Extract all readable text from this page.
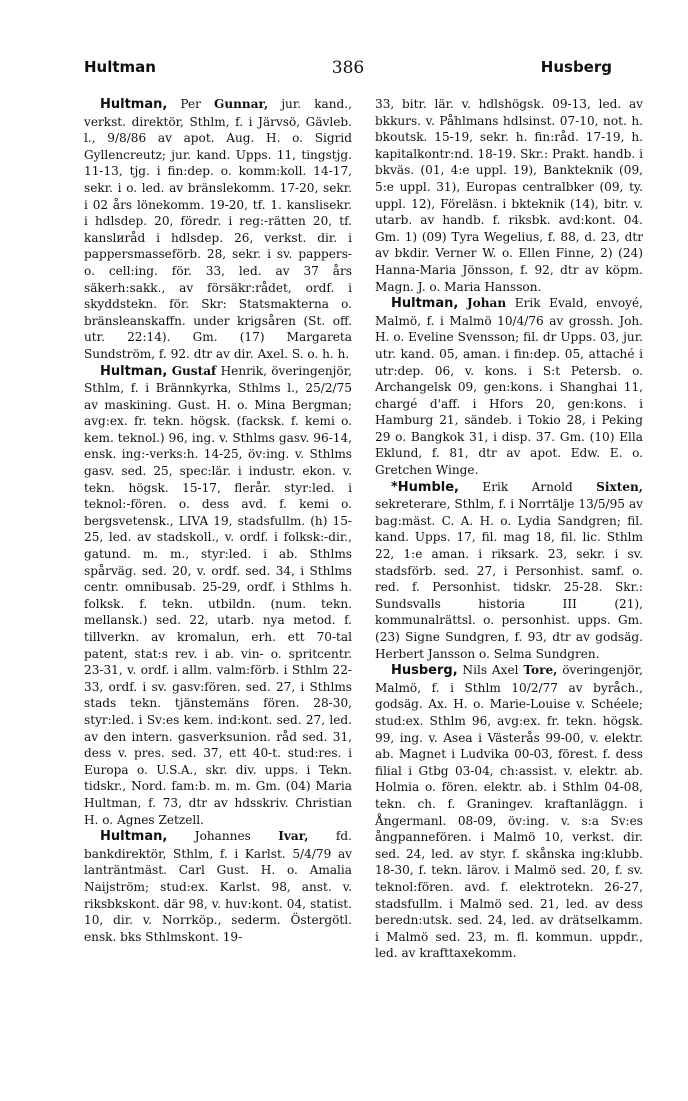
Hultman	386	Husberg

Hultman, Per Gunnar, jur. kand., verkst. direktör, Sthlm, f. i Järvsö, Gävleb. l., 9/8/86 av apot. Aug. H. o. Sigrid Gyllencreutz; jur. kand. Upps. 11, tingstjg. 11-13, tjg. i fin:dep. o. komm:koll. 14-17, sekr. i o. led. av bränslekomm. 17-20, sekr. i 02 års lönekomm. 19-20, tf. 1. kanslisekr. i hdlsdep. 20, föredr. i reg:-rätten 20, tf. kanslиråd i hdlsdep. 26, verkst. dir. i pappersmasseförb. 28, sekr. i sv. pappers- o. cell:ing. för. 33, led. av 37 års säkerh:sakk., av försäkr:rådet, ordf. i skyddstekn. för. Skr: Statsmakterna o. bränsleanskaffn. under krigsåren (St. off. utr. 22:14). Gm. (17) Margareta Sundström, f. 92. dtr av dir. Axel. S. o. h. h.

Hultman, Gustaf Henrik, överingenjör, Sthlm, f. i Brännkyrka, Sthlms l., 25/2/75 av maskining. Gust. H. o. Mina Bergman; avg:ex. fr. tekn. högsk. (facksk. f. kemi o. kem. teknol.) 96, ing. v. Sthlms gasv. 96-14, ensk. ing:-verks:h. 14-25, öv:ing. v. Sthlms gasv. sed. 25, spec:lär. i industr. ekon. v. tekn. högsk. 15-17, flerår. styr:led. i teknol:-fören. o. dess avd. f. kemi o. bergsvetensk., LIVA 19, stadsfullm. (h) 15-25, led. av stadskoll., v. ordf. i folksk:-dir., gatund. m. m., styr:led. i ab. Sthlms spårväg. sed. 20, v. ordf. sed. 34, i Sthlms centr. omnibusab. 25-29, ordf. i Sthlms h. folksk. f. tekn. utbildn. (num. tekn. mellansk.) sed. 22, utarb. nya metod. f. tillverkn. av kromalun, erh. ett 70-tal patent, stat:s rev. i ab. vin- o. spritcentr. 23-31, v. ordf. i allm. valm:förb. i Sthlm 22-33, ordf. i sv. gasv:fören. sed. 27, i Sthlms stads tekn. tjänstemäns fören. 28-30, styr:led. i Sv:es kem. ind:kont. sed. 27, led. av den intern. gasverksunion. råd sed. 31, dess v. pres. sed. 37, ett 40-t. stud:res. i Europa o. U.S.A., skr. div. upps. i Tekn. tidskr., Nord. fam:b. m. m. Gm. (04) Maria Hultman, f. 73, dtr av hdsskriv. Christian H. o. Agnes Zetzell.

Hultman, Johannes Ivar, fd. bankdirektör, Sthlm, f. i Karlst. 5/4/79 av lanträntmäst. Carl Gust. H. o. Amalia Naijström; stud:ex. Karlst. 98, anst. v. riksbkskont. där 98, v. huv:kont. 04, statist. 10, dir. v. Norrköp., sederm. Östergötl. ensk. bks Sthlmskont. 19-

33, bitr. lär. v. hdlshögsk. 09-13, led. av bkkurs. v. Påhlmans hdlsinst. 07-10, not. h. bkoutsk. 15-19, sekr. h. fin:råd. 17-19, h. kapitalkontr:nd. 18-19. Skr.: Prakt. handb. i bkväs. (01, 4:e uppl. 19), Bankteknik (09, 5:e uppl. 31), Europas centralbker (09, ty. uppl. 12), Föreläsn. i bkteknik (14), bitr. v. utarb. av handb. f. riksbk. avd:kont. 04. Gm. 1) (09) Tyra Wegelius, f. 88, d. 23, dtr av bkdir. Verner W. o. Ellen Finne, 2) (24) Hanna-Maria Jönsson, f. 92, dtr av köpm. Magn. J. o. Maria Hansson.

Hultman, Johan Erik Evald, envoyé, Malmö, f. i Malmö 10/4/76 av grossh. Joh. H. o. Eveline Svensson; fil. dr Upps. 03, jur. utr. kand. 05, aman. i fin:dep. 05, attaché i utr:dep. 06, v. kons. i S:t Petersb. o. Archangelsk 09, gen:kons. i Shanghai 11, chargé d'aff. i Hfors 20, gen:kons. i Hamburg 21, sändeb. i Tokio 28, i Peking 29 o. Bangkok 31, i disp. 37. Gm. (10) Ella Eklund, f. 81, dtr av apot. Edw. E. o. Gretchen Winge.

*Humble, Erik Arnold Sixten, sekreterare, Sthlm, f. i Norrtälje 13/5/95 av bag:mäst. C. A. H. o. Lydia Sandgren; fil. kand. Upps. 17, fil. mag 18, fil. lic. Sthlm 22, 1:e aman. i riksark. 23, sekr. i sv. stadsförb. sed. 27, i Personhist. samf. o. red. f. Personhist. tidskr. 25-28. Skr.: Sundsvalls historia III (21), kommunalrättsl. o. personhist. upps. Gm. (23) Signe Sundgren, f. 93, dtr av godsäg. Herbert Jansson o. Selma Sundgren.

Husberg, Nils Axel Tore, överingenjör, Malmö, f. i Sthlm 10/2/77 av byråch., godsäg. Ax. H. o. Marie-Louise v. Schéele; stud:ex. Sthlm 96, avg:ex. fr. tekn. högsk. 99, ing. v. Asea i Västerås 99-00, v. elektr. ab. Magnet i Ludvika 00-03, förest. f. dess filial i Gtbg 03-04, ch:assist. v. elektr. ab. Holmia o. fören. elektr. ab. i Sthlm 04-08, tekn. ch. f. Graningev. kraftanläggn. i Ångermanl. 08-09, öv:ing. v. s:a Sv:es ångpannefören. i Malmö 10, verkst. dir. sed. 24, led. av styr. f. skånska ing:klubb. 18-30, f. tekn. lärov. i Malmö sed. 20, f. sv. teknol:fören. avd. f. elektrotekn. 26-27, stadsfullm. i Malmö sed. 21, led. av dess beredn:utsk. sed. 24, led. av drätselkamm. i Malmö sed. 23, m. fl. kommun. uppdr., led. av krafttaxekomm.
